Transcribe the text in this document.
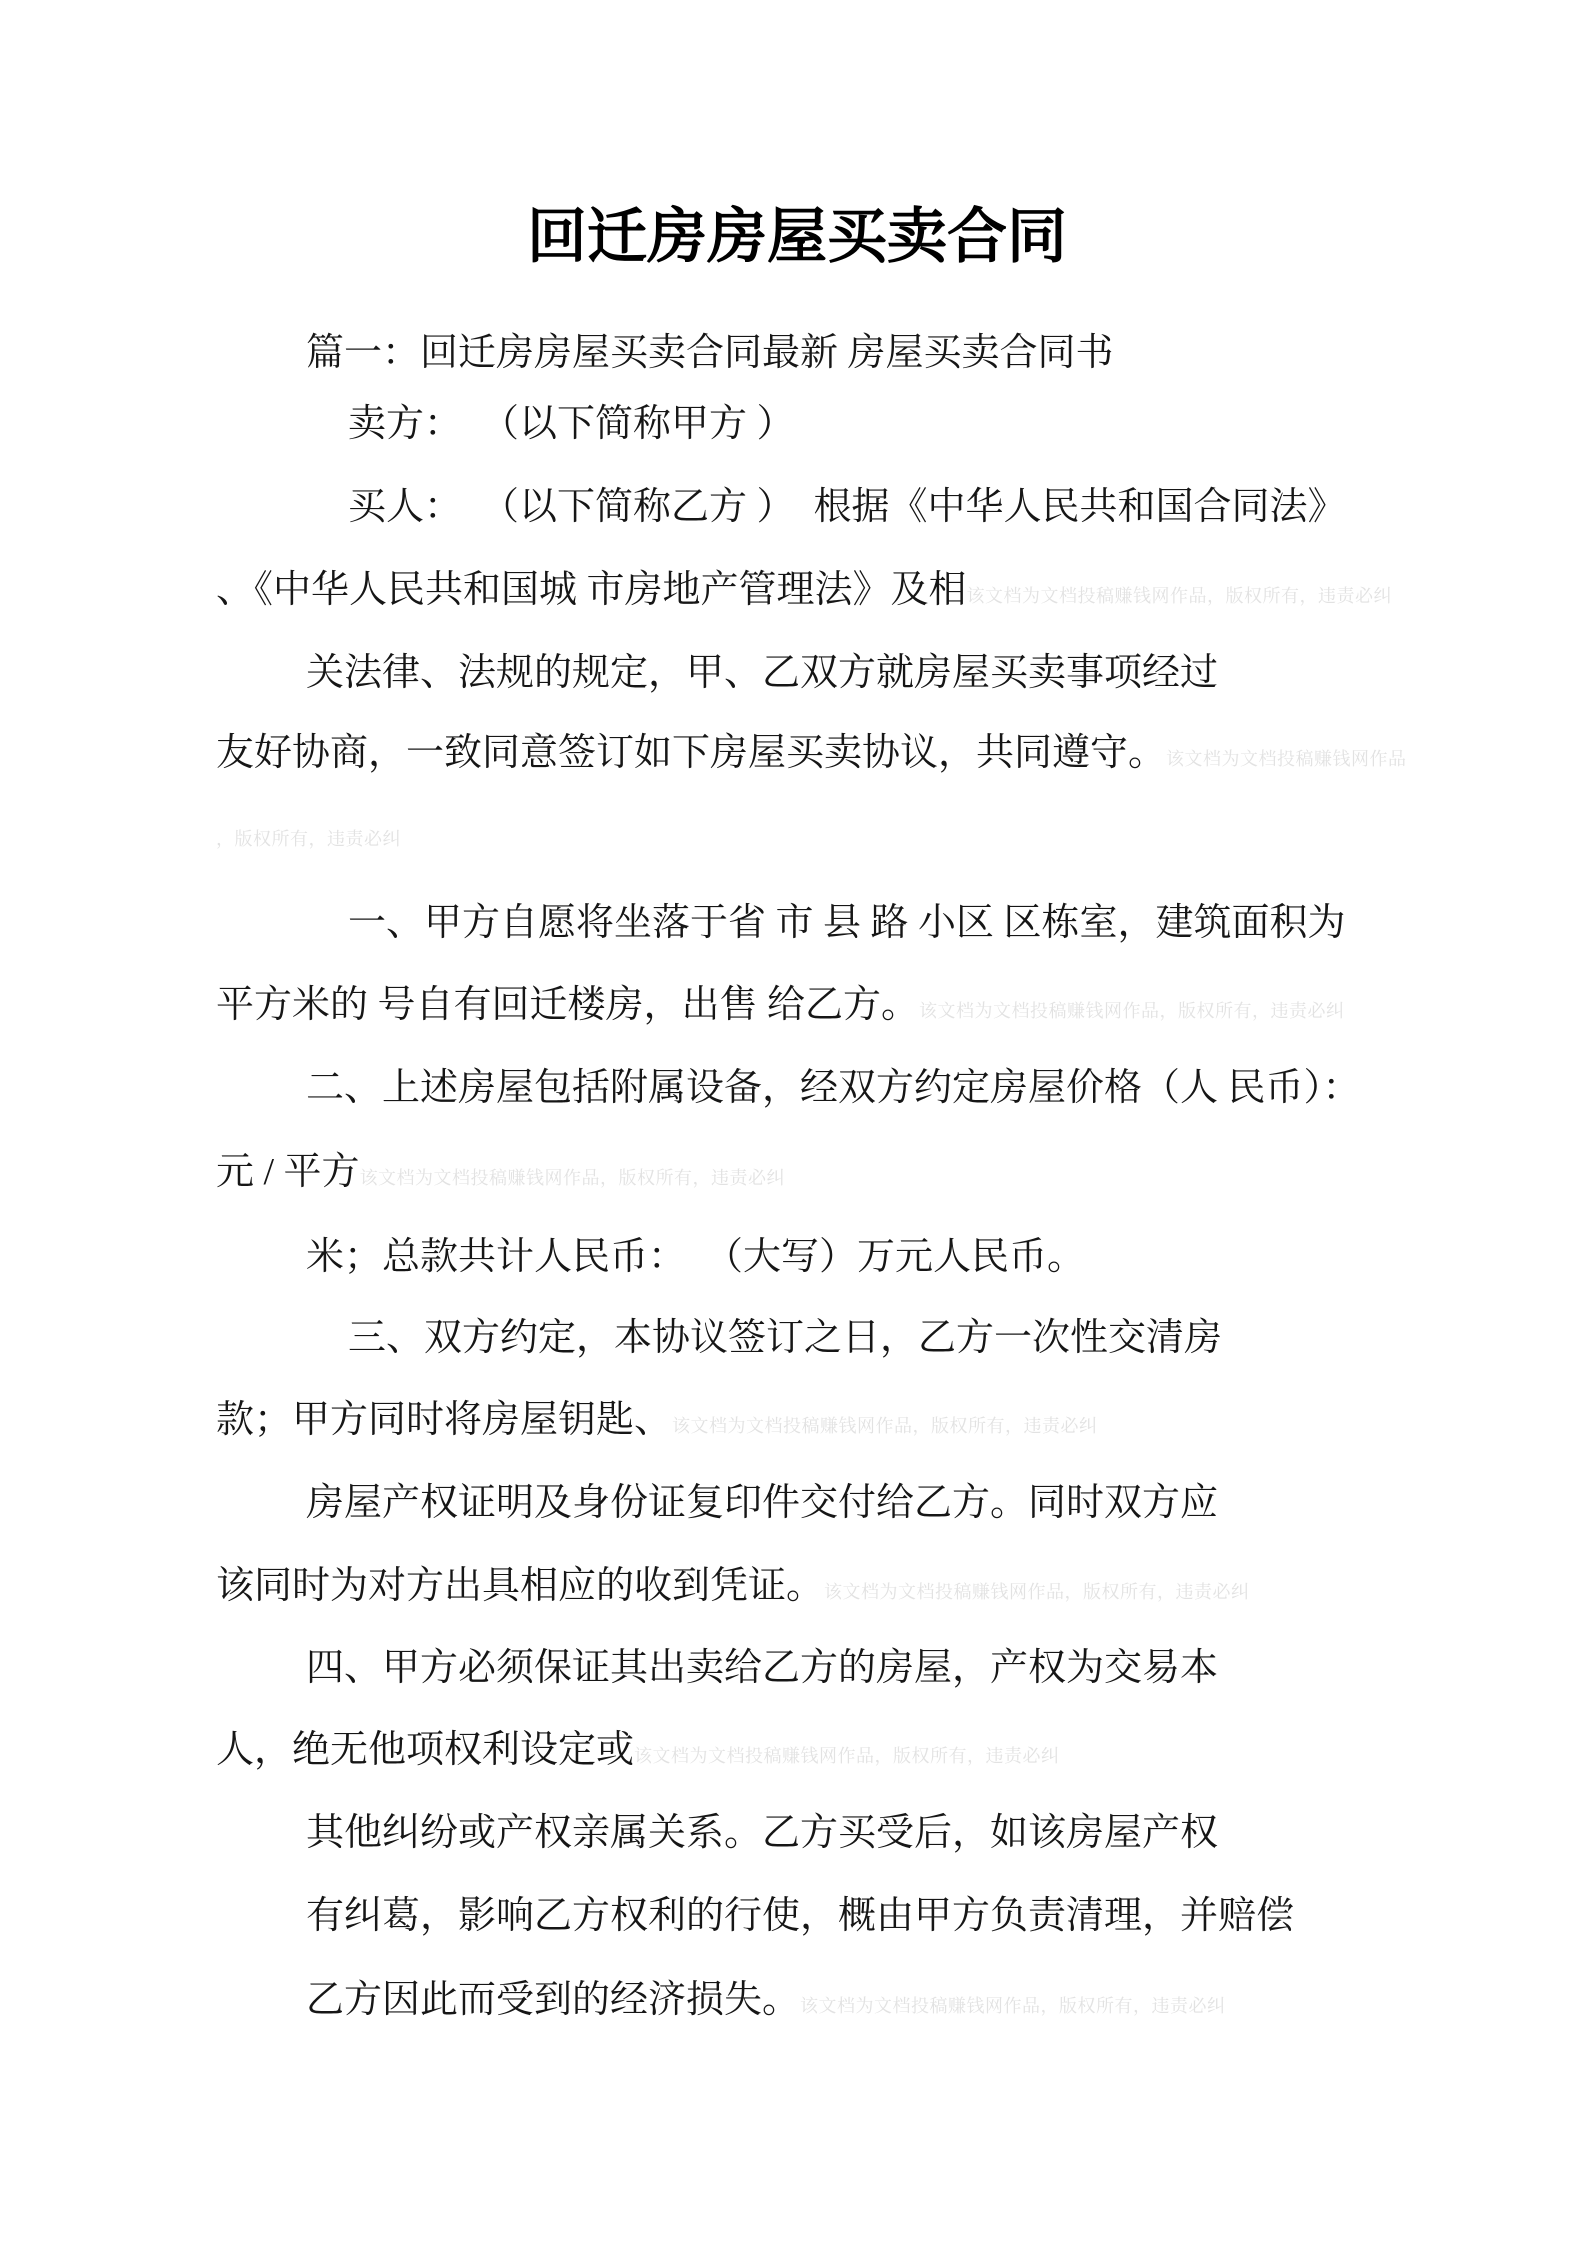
回迁房房屋买卖合同
篇一：回迁房房屋买卖合同最新 房屋买卖合同书
卖方：  （以下简称甲方 ）
买人：  （以下简称乙方 ）  根据《中华人民共和国合同法》
、《中华人民共和国城 市房地产管理法》及相该文档为文档投稿赚钱网作品，版权所有，违责必纠
关法律、法规的规定，甲、乙双方就房屋买卖事项经过
友好协商，一致同意签订如下房屋买卖协议，共同遵守。该文档为文档投稿赚钱网作品
，版权所有，违责必纠
一、甲方自愿将坐落于省 市 县 路 小区 区栋室，建筑面积为
平方米的 号自有回迁楼房，出售 给乙方。该文档为文档投稿赚钱网作品，版权所有，违责必纠
二、上述房屋包括附属设备，经双方约定房屋价格（人 民币）：
元 / 平方该文档为文档投稿赚钱网作品，版权所有，违责必纠
米；总款共计人民币：  （大写）万元人民币。
三、双方约定，本协议签订之日，乙方一次性交清房
款；甲方同时将房屋钥匙、该文档为文档投稿赚钱网作品，版权所有，违责必纠
房屋产权证明及身份证复印件交付给乙方。同时双方应
该同时为对方出具相应的收到凭证。该文档为文档投稿赚钱网作品，版权所有，违责必纠
四、甲方必须保证其出卖给乙方的房屋，产权为交易本
人，绝无他项权利设定或该文档为文档投稿赚钱网作品，版权所有，违责必纠
其他纠纷或产权亲属关系。乙方买受后，如该房屋产权
有纠葛，影响乙方权利的行使，概由甲方负责清理，并赔偿
乙方因此而受到的经济损失。该文档为文档投稿赚钱网作品，版权所有，违责必纠
